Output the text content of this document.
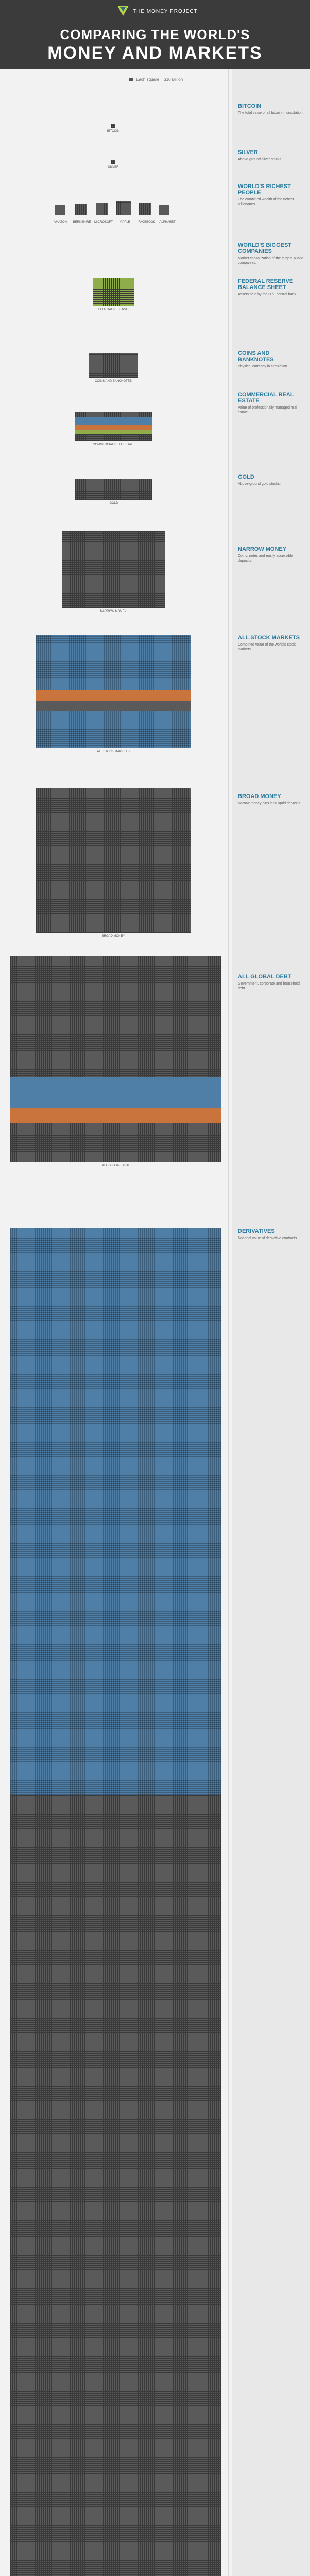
THE MONEY PROJECT
COMPARING THE WORLD'S
MONEY AND MARKETS
Each square = $10 Billion
BITCOIN
SILVER
AMAZON	BERKSHIRE	MICROSOFT	APPLE	FACEBOOK	ALPHABET
FEDERAL RESERVE
COINS AND BANKNOTES
COMMERCIAL REAL ESTATE
GOLD
NARROW MONEY
ALL STOCK MARKETS
BROAD MONEY
ALL GLOBAL DEBT
BITCOIN
The total value of all bitcoin in circulation.
SILVER
Above-ground silver stocks.
WORLD'S RICHEST PEOPLE
The combined wealth of the richest billionaires.
WORLD'S BIGGEST COMPANIES
Market capitalization of the largest public companies.
FEDERAL RESERVE BALANCE SHEET
Assets held by the U.S. central bank.
COINS AND BANKNOTES
Physical currency in circulation.
COMMERCIAL REAL ESTATE
Value of professionally managed real estate.
GOLD
Above-ground gold stocks.
NARROW MONEY
Coins, notes and easily accessible deposits.
ALL STOCK MARKETS
Combined value of the world's stock markets.
BROAD MONEY
Narrow money plus less liquid deposits.
ALL GLOBAL DEBT
Government, corporate and household debt.
DERIVATIVES
Notional value of derivative contracts.
